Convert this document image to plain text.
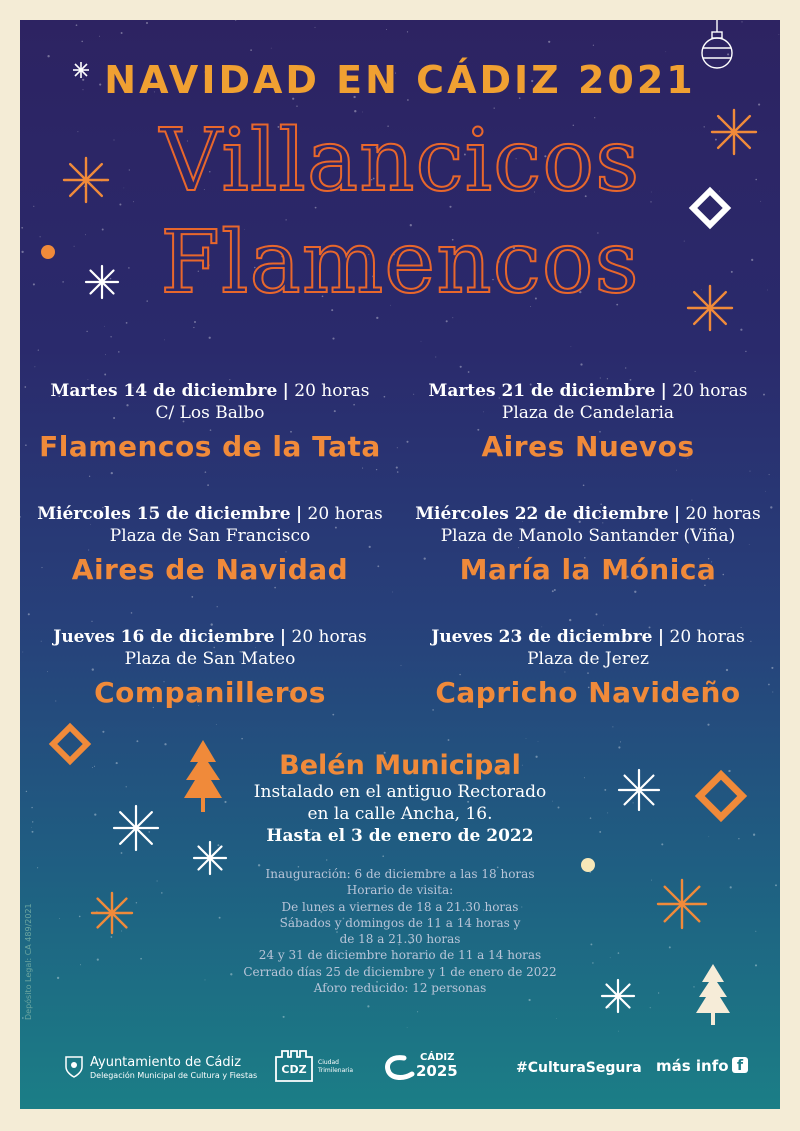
NAVIDAD EN CÁDIZ 2021
Villancicos
Flamencos
Martes 14 de diciembre | 20 horas
C/ Los Balbo
Flamencos de la Tata
Martes 21 de diciembre | 20 horas
Plaza de Candelaria
Aires Nuevos
Miércoles 15 de diciembre | 20 horas
Plaza de San Francisco
Aires de Navidad
Miércoles 22 de diciembre | 20 horas
Plaza de Manolo Santander (Viña)
María la Mónica
Jueves 16 de diciembre | 20 horas
Plaza de San Mateo
Companilleros
Jueves 23 de diciembre | 20 horas
Plaza de Jerez
Capricho Navideño
Belén Municipal
Instalado en el antiguo Rectorado
en la calle Ancha, 16.
Hasta el 3 de enero de 2022
Inauguración: 6 de diciembre a las 18 horas
Horario de visita:
De lunes a viernes de 18 a 21.30 horas
Sábados y domingos de 11 a 14 horas y
de 18 a 21.30 horas
24 y 31 de diciembre horario de 11 a 14 horas
Cerrado días 25 de diciembre y 1 de enero de 2022
Aforo reducido: 12 personas
Depósito Legal: CA 489/2021
Ayuntamiento de Cádiz
Delegación Municipal de Cultura y Fiestas	CDZ
Ciudad
Trimilenaria
CÁDIZ
2025	#CulturaSegura más info f
